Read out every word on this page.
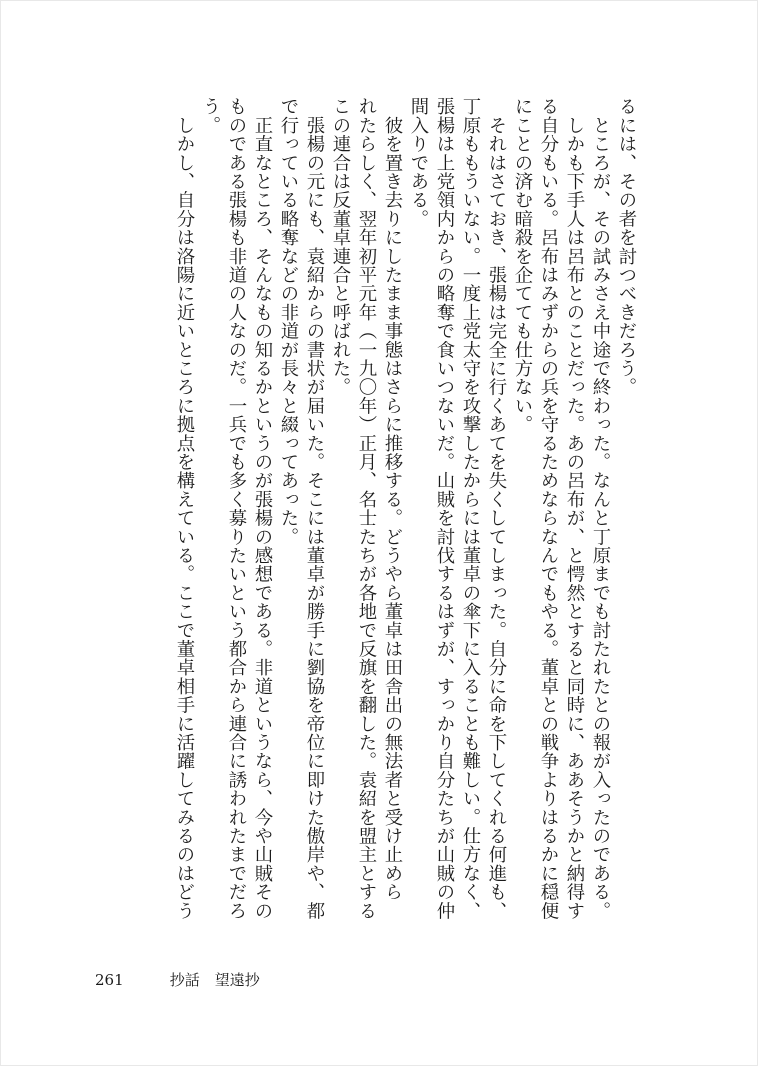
るには、その者を討つべきだろう。

　ところが、その試みさえ中途で終わった。なんと丁原までも討たれたとの報が入ったのである。

　しかも下手人は呂布とのことだった。あの呂布が、と愕然とすると同時に、ああそうかと納得す

る自分もいる。呂布はみずからの兵を守るためならなんでもやる。董卓との戦争よりはるかに穏便

にことの済む暗殺を企てても仕方ない。

　それはさておき、張楊は完全に行くあてを失くしてしまった。自分に命を下してくれる何進も、

丁原ももういない。一度上党太守を攻撃したからには董卓の傘下に入ることも難しい。仕方なく、

張楊は上党領内からの略奪で食いつないだ。山賊を討伐するはずが、すっかり自分たちが山賊の仲

間入りである。

　彼を置き去りにしたまま事態はさらに推移する。どうやら董卓は田舎出の無法者と受け止めら

れたらしく、翌年初平元年（一九〇年）正月、名士たちが各地で反旗を翻した。袁紹を盟主とする

この連合は反董卓連合と呼ばれた。

　張楊の元にも、袁紹からの書状が届いた。そこには董卓が勝手に劉協を帝位に即けた傲岸や、都

で行っている略奪などの非道が長々と綴ってあった。

　正直なところ、そんなもの知るかというのが張楊の感想である。非道というなら、今や山賊その

ものである張楊も非道の人なのだ。一兵でも多く募りたいという都合から連合に誘われたまでだろ

う。

　しかし、自分は洛陽に近いところに拠点を構えている。ここで董卓相手に活躍してみるのはどう

261	抄話　望遠抄
